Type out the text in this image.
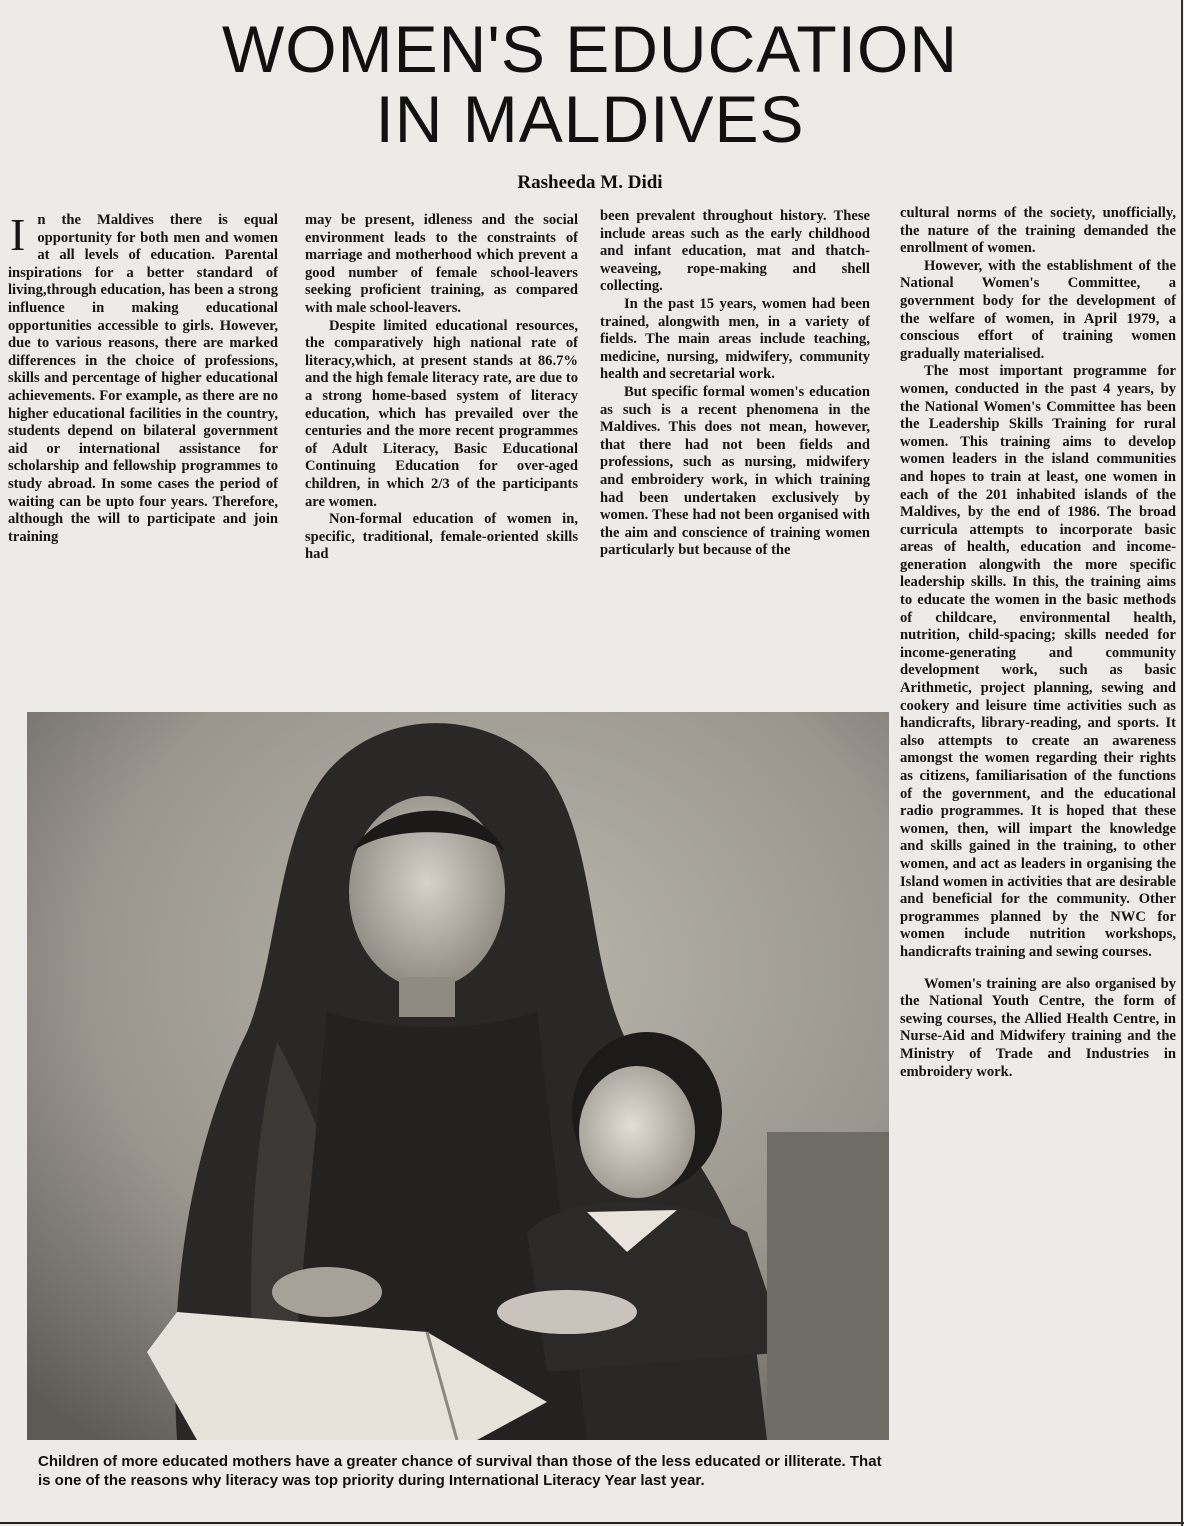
WOMEN'S EDUCATION
IN MALDIVES
Rasheeda M. Didi

In the Maldives there is equal opportunity for both men and women at all levels of education. Parental inspirations for a better standard of living,through education, has been a strong influence in making educational opportunities accessible to girls. However, due to various reasons, there are marked differences in the choice of professions, skills and percentage of higher educational achievements. For example, as there are no higher educational facilities in the country, students depend on bilateral government aid or international assistance for scholarship and fellowship programmes to study abroad. In some cases the period of waiting can be upto four years. Therefore, although the will to participate and join training

may be present, idleness and the social environment leads to the constraints of marriage and motherhood which prevent a good number of female school-leavers seeking proficient training, as compared with male school-leavers.

Despite limited educational resources, the comparatively high national rate of literacy,which, at present stands at 86.7% and the high female literacy rate, are due to a strong home-based system of literacy education, which has prevailed over the centuries and the more recent programmes of Adult Literacy, Basic Educational Continuing Education for over-aged children, in which 2/3 of the participants are women.

Non-formal education of women in, specific, traditional, female-oriented skills had

been prevalent throughout history. These include areas such as the early childhood and infant education, mat and thatch-weaveing, rope-making and shell collecting.

In the past 15 years, women had been trained, alongwith men, in a variety of fields. The main areas include teaching, medicine, nursing, midwifery, community health and secretarial work.

But specific formal women's education as such is a recent phenomena in the Maldives. This does not mean, however, that there had not been fields and professions, such as nursing, midwifery and embroidery work, in which training had been undertaken exclusively by women. These had not been organised with the aim and conscience of training women particularly but because of the

cultural norms of the society, unofficially, the nature of the training demanded the enrollment of women.

However, with the establishment of the National Women's Committee, a government body for the development of the welfare of women, in April 1979, a conscious effort of training women gradually materialised.

The most important programme for women, conducted in the past 4 years, by the National Women's Committee has been the Leadership Skills Training for rural women. This training aims to develop women leaders in the island communities and hopes to train at least, one women in each of the 201 inhabited islands of the Maldives, by the end of 1986. The broad curricula attempts to incorporate basic areas of health, education and income-generation alongwith the more specific leadership skills. In this, the training aims to educate the women in the basic methods of childcare, environmental health, nutrition, child-spacing; skills needed for income-generating and community development work, such as basic Arithmetic, project planning, sewing and cookery and leisure time activities such as handicrafts, library-reading, and sports. It also attempts to create an awareness amongst the women regarding their rights as citizens, familiarisation of the functions of the government, and the educational radio programmes. It is hoped that these women, then, will impart the knowledge and skills gained in the training, to other women, and act as leaders in organising the Island women in activities that are desirable and beneficial for the community. Other programmes planned by the NWC for women include nutrition workshops, handicrafts training and sewing courses.

Women's training are also organised by the National Youth Centre, the form of sewing courses, the Allied Health Centre, in Nurse-Aid and Midwifery training and the Ministry of Trade and Industries in embroidery work.

Children of more educated mothers have a greater chance of survival than those of the less educated or illiterate. That is one of the reasons why literacy was top priority during International Literacy Year last year.
